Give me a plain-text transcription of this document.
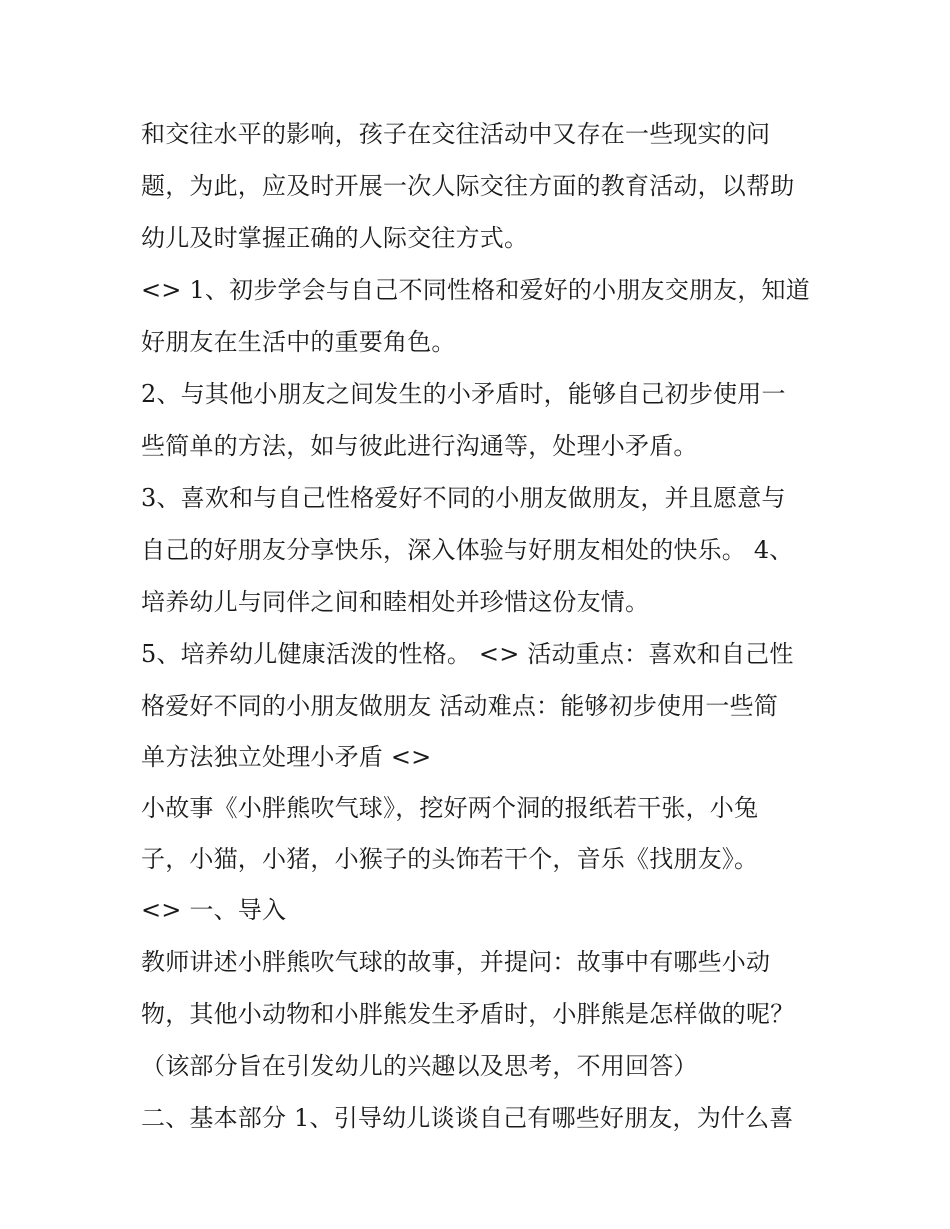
和交往水平的影响，孩子在交往活动中又存在一些现实的问
题，为此，应及时开展一次人际交往方面的教育活动，以帮助
幼儿及时掌握正确的人际交往方式。
<> 1、初步学会与自己不同性格和爱好的小朋友交朋友，知道
好朋友在生活中的重要角色。
2、与其他小朋友之间发生的小矛盾时，能够自己初步使用一
些简单的方法，如与彼此进行沟通等，处理小矛盾。
3、喜欢和与自己性格爱好不同的小朋友做朋友，并且愿意与
自己的好朋友分享快乐，深入体验与好朋友相处的快乐。 4、
培养幼儿与同伴之间和睦相处并珍惜这份友情。
5、培养幼儿健康活泼的性格。 <> 活动重点：喜欢和自己性
格爱好不同的小朋友做朋友 活动难点：能够初步使用一些简
单方法独立处理小矛盾 <>
小故事《小胖熊吹气球》，挖好两个洞的报纸若干张，小兔
子，小猫，小猪，小猴子的头饰若干个，音乐《找朋友》。
<> 一、导入
教师讲述小胖熊吹气球的故事，并提问：故事中有哪些小动
物，其他小动物和小胖熊发生矛盾时，小胖熊是怎样做的呢？
（该部分旨在引发幼儿的兴趣以及思考，不用回答）
二、基本部分 1、引导幼儿谈谈自己有哪些好朋友，为什么喜
